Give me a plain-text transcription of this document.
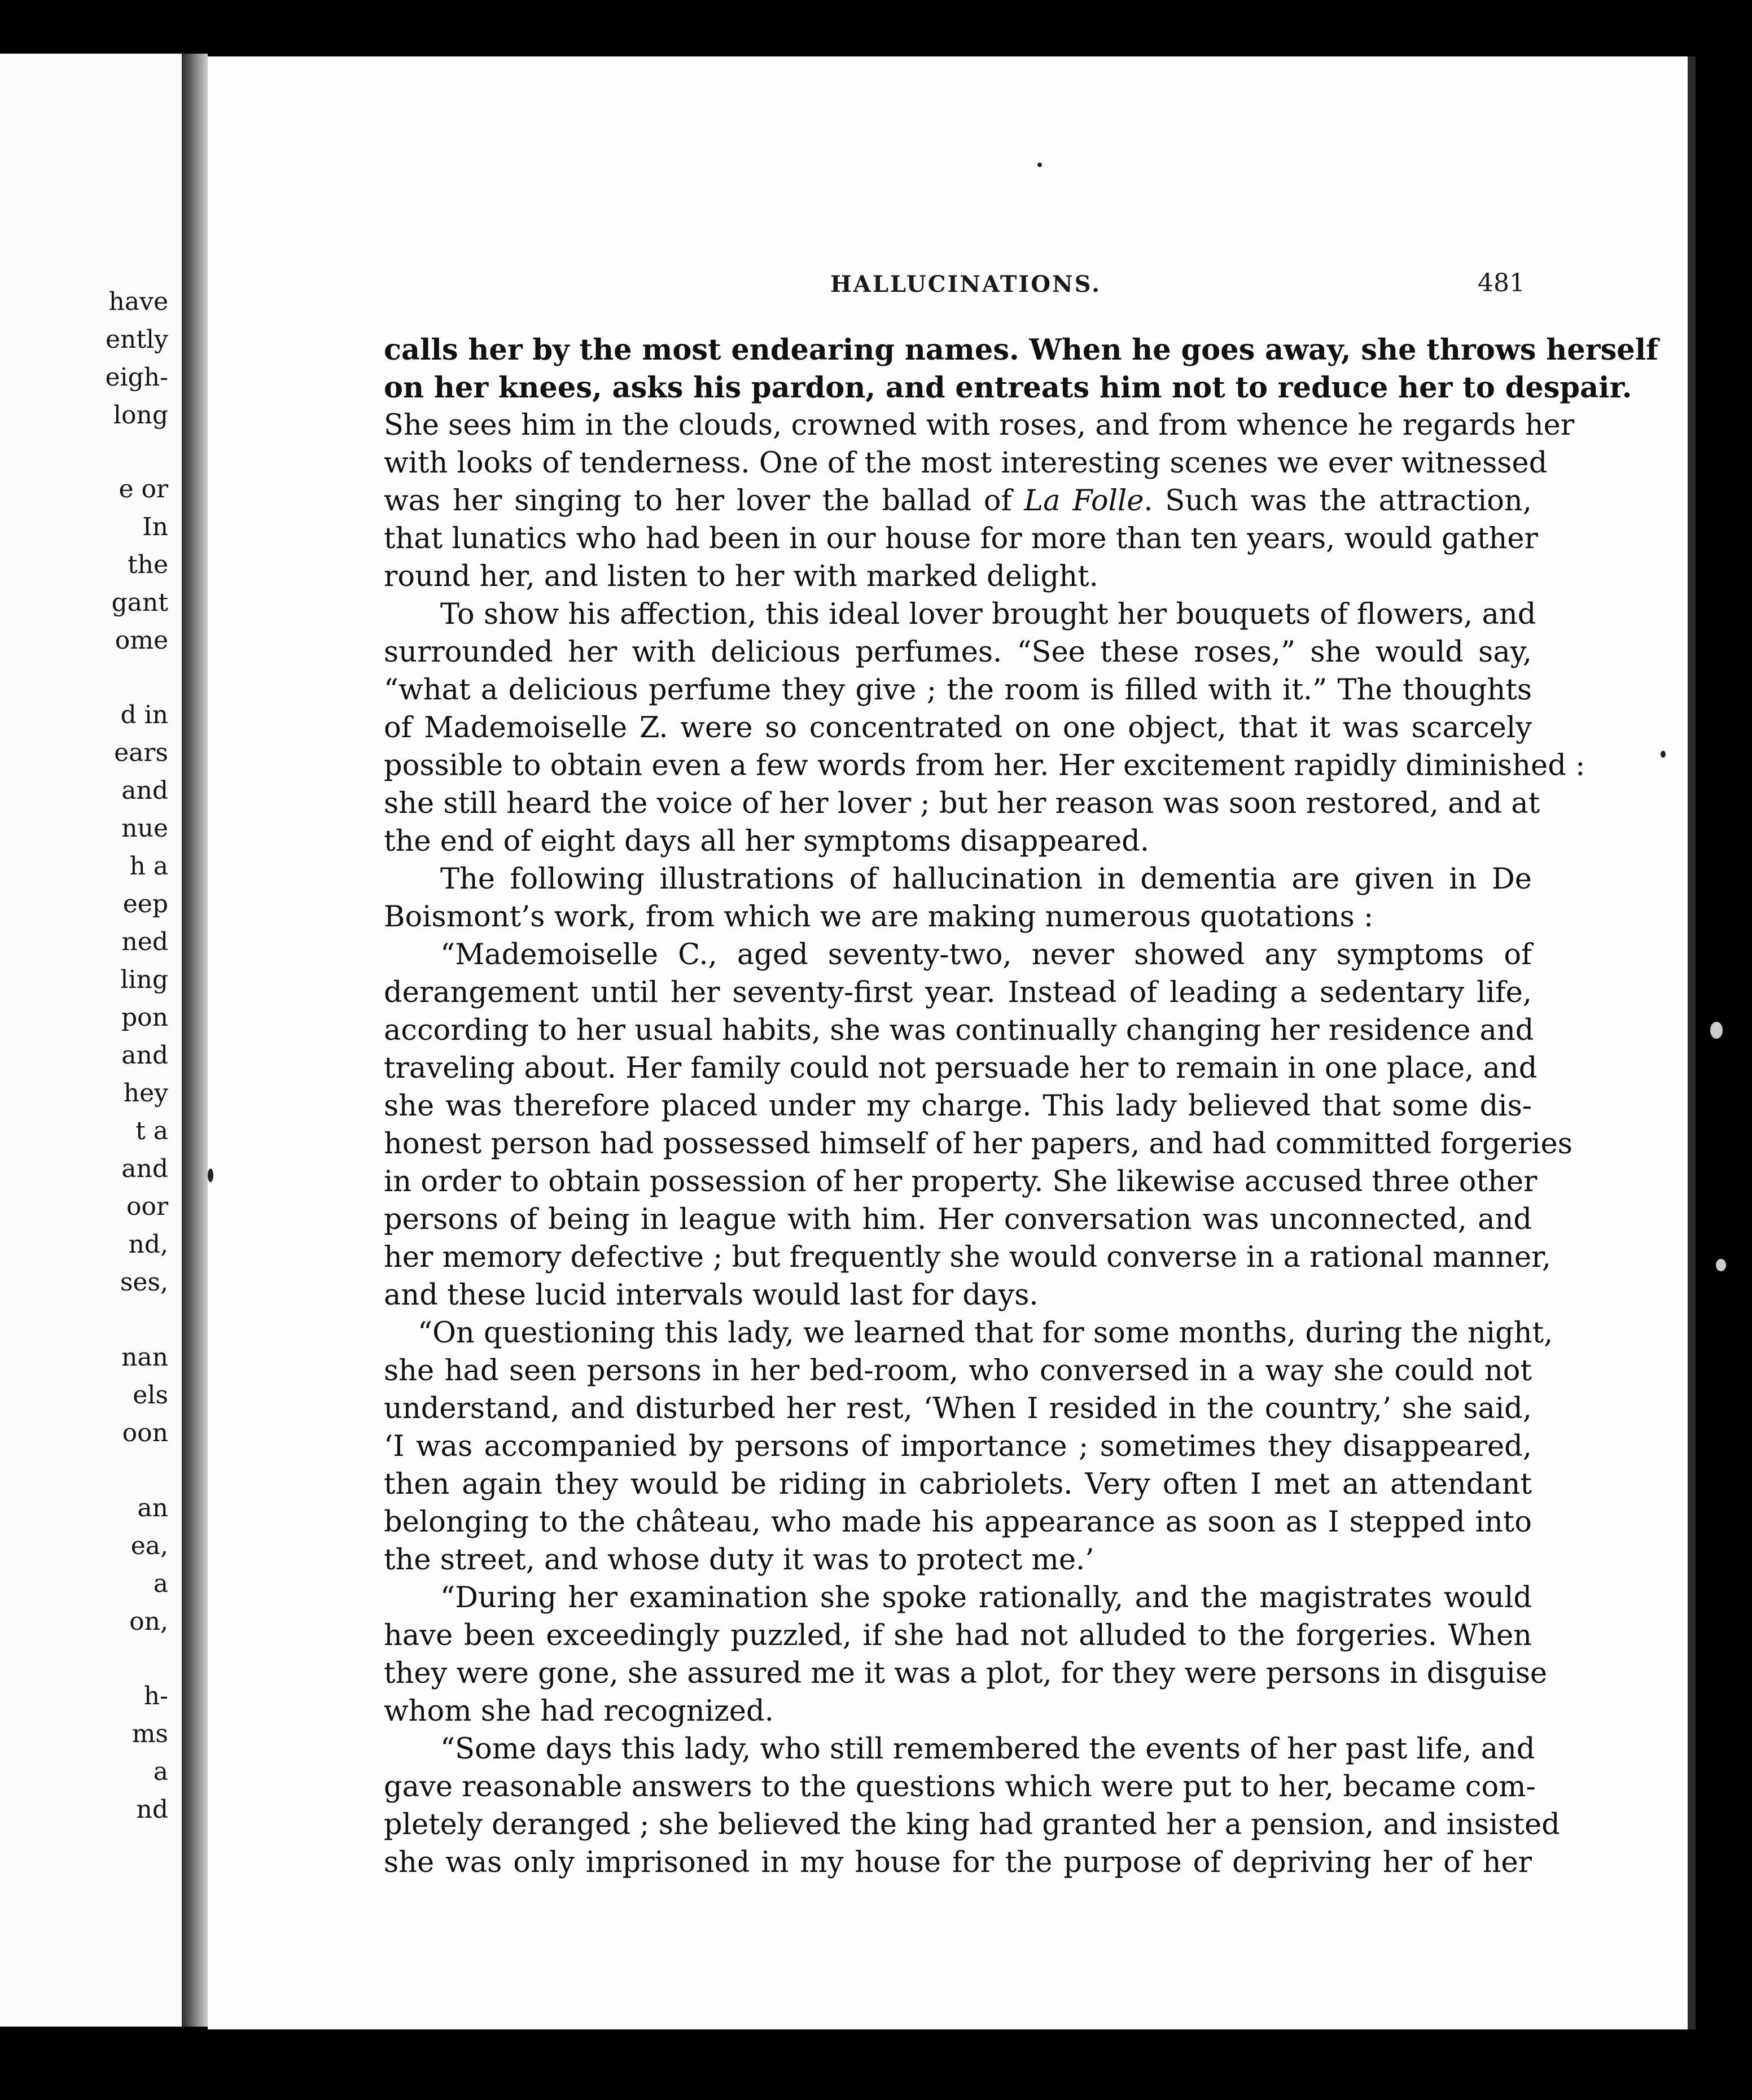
have
ently
eigh-
long
e or
In
the
gant
ome
d in
ears
and
nue
h a
eep
ned
ling
pon
and
hey
t a
and
oor
nd,
ses,
nan
els
oon
an
ea,
a
on,
h-
ms
a
nd
HALLUCINATIONS.	481
calls her by the most endearing names. When he goes away, she throws herself
on her knees, asks his pardon, and entreats him not to reduce her to despair.
She sees him in the clouds, crowned with roses, and from whence he regards her
with looks of tenderness. One of the most interesting scenes we ever witnessed
was her singing to her lover the ballad of La Folle. Such was the attraction,
that lunatics who had been in our house for more than ten years, would gather
round her, and listen to her with marked delight.
To show his affection, this ideal lover brought her bouquets of flowers, and
surrounded her with delicious perfumes. “See these roses,” she would say,
“what a delicious perfume they give ; the room is filled with it.” The thoughts
of Mademoiselle Z. were so concentrated on one object, that it was scarcely
possible to obtain even a few words from her. Her excitement rapidly diminished :
she still heard the voice of her lover ; but her reason was soon restored, and at
the end of eight days all her symptoms disappeared.
The following illustrations of hallucination in dementia are given in De
Boismont’s work, from which we are making numerous quotations :
“Mademoiselle C., aged seventy-two, never showed any symptoms of
derangement until her seventy-first year. Instead of leading a sedentary life,
according to her usual habits, she was continually changing her residence and
traveling about. Her family could not persuade her to remain in one place, and
she was therefore placed under my charge. This lady believed that some dis-
honest person had possessed himself of her papers, and had committed forgeries
in order to obtain possession of her property. She likewise accused three other
persons of being in league with him. Her conversation was unconnected, and
her memory defective ; but frequently she would converse in a rational manner,
and these lucid intervals would last for days.
“On questioning this lady, we learned that for some months, during the night,
she had seen persons in her bed-room, who conversed in a way she could not
understand, and disturbed her rest, ‘When I resided in the country,’ she said,
‘I was accompanied by persons of importance ; sometimes they disappeared,
then again they would be riding in cabriolets. Very often I met an attendant
belonging to the château, who made his appearance as soon as I stepped into
the street, and whose duty it was to protect me.’
“During her examination she spoke rationally, and the magistrates would
have been exceedingly puzzled, if she had not alluded to the forgeries. When
they were gone, she assured me it was a plot, for they were persons in disguise
whom she had recognized.
“Some days this lady, who still remembered the events of her past life, and
gave reasonable answers to the questions which were put to her, became com-
pletely deranged ; she believed the king had granted her a pension, and insisted
she was only imprisoned in my house for the purpose of depriving her of her
